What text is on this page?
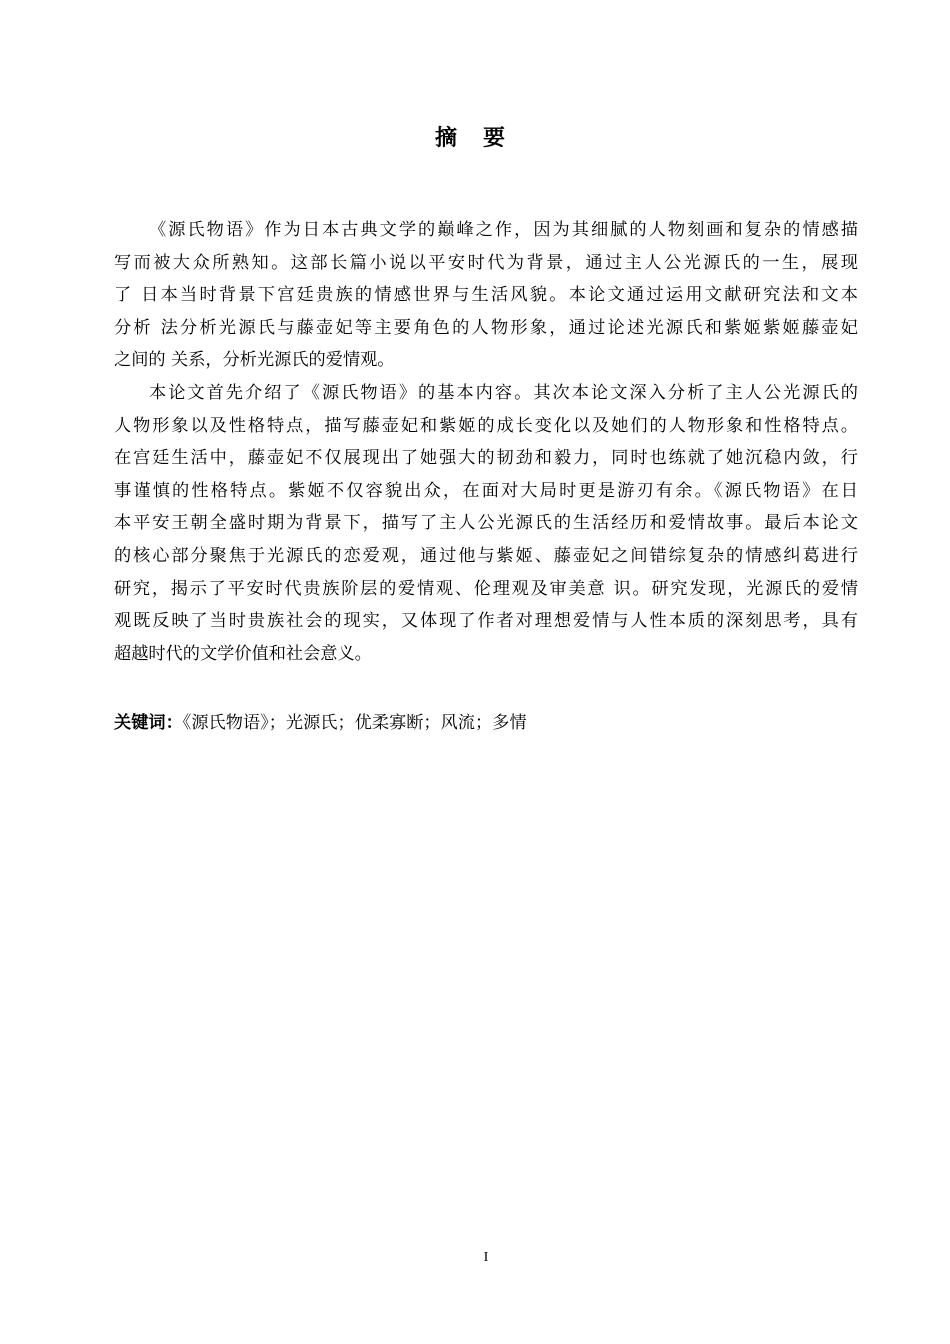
摘要
《源氏物语》作为日本古典文学的巅峰之作，因为其细腻的人物刻画和复杂的情感描
写而被大众所熟知。这部长篇小说以平安时代为背景，通过主人公光源氏的一生，展现
了 日本当时背景下宫廷贵族的情感世界与生活风貌。本论文通过运用文献研究法和文本
分析 法分析光源氏与藤壶妃等主要角色的人物形象，通过论述光源氏和紫姬紫姬藤壶妃
之间的 关系，分析光源氏的爱情观。
本论文首先介绍了《源氏物语》的基本内容。其次本论文深入分析了主人公光源氏的
人物形象以及性格特点，描写藤壶妃和紫姬的成长变化以及她们的人物形象和性格特点。
在宫廷生活中，藤壶妃不仅展现出了她强大的韧劲和毅力，同时也练就了她沉稳内敛，行
事谨慎的性格特点。紫姬不仅容貌出众，在面对大局时更是游刃有余。《源氏物语》在日
本平安王朝全盛时期为背景下，描写了主人公光源氏的生活经历和爱情故事。最后本论文
的核心部分聚焦于光源氏的恋爱观，通过他与紫姬、藤壶妃之间错综复杂的情感纠葛进行
研究，揭示了平安时代贵族阶层的爱情观、伦理观及审美意 识。研究发现，光源氏的爱情
观既反映了当时贵族社会的现实，又体现了作者对理想爱情与人性本质的深刻思考，具有
超越时代的文学价值和社会意义。
关键词：《源氏物语》；光源氏；优柔寡断；风流；多情
I
